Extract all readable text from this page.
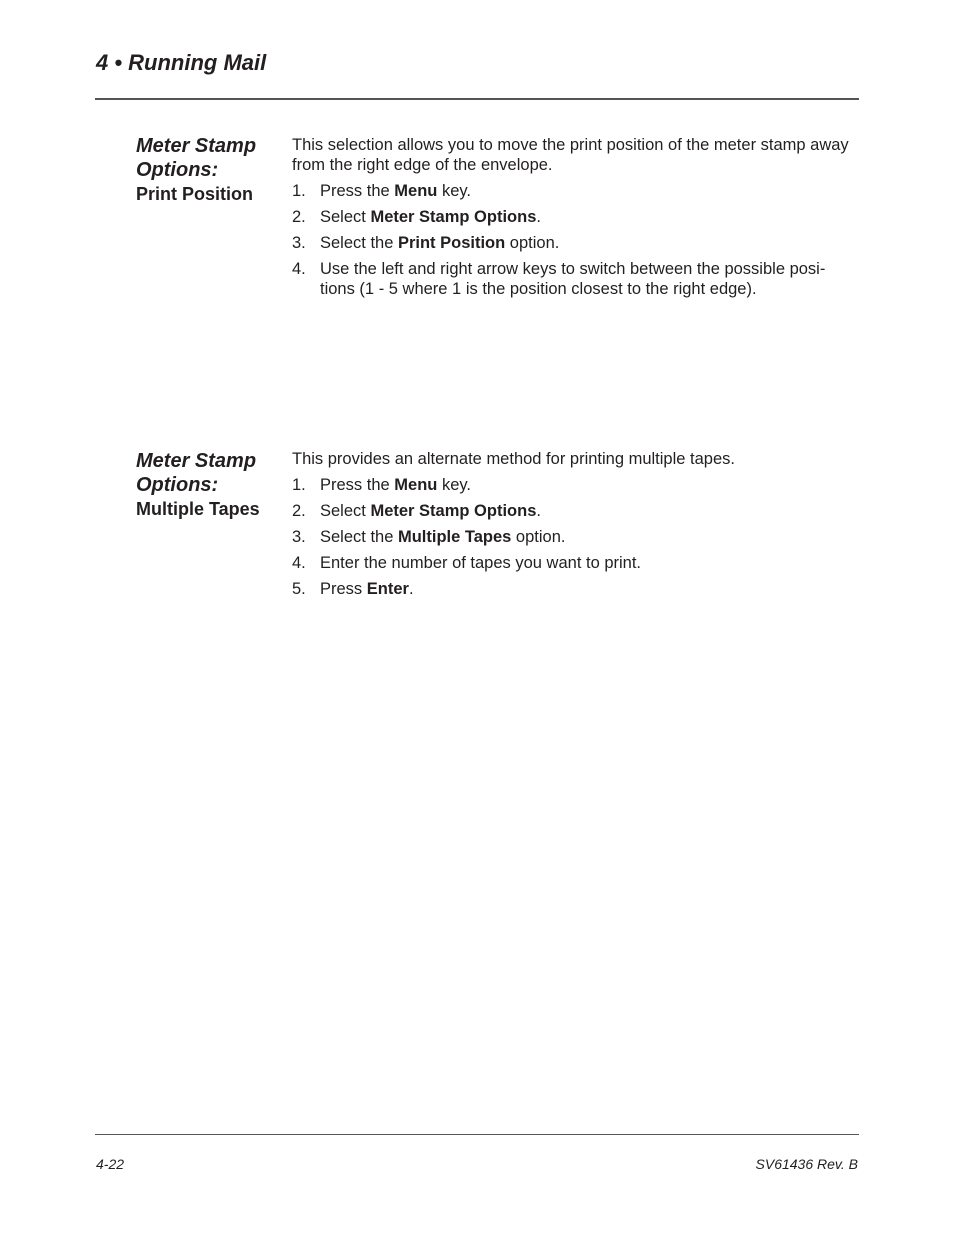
4 • Running Mail
Meter Stamp
Options:
Print Position

This selection allows you to move the print position of the meter stamp away from the right edge of the envelope.

1. Press the Menu key.
2. Select Meter Stamp Options.
3. Select the Print Position option.
4. Use the left and right arrow keys to switch between the possible posi-tions (1 - 5 where 1 is the position closest to the right edge).
Meter Stamp
Options:
Multiple Tapes

This provides an alternate method for printing multiple tapes.

1. Press the Menu key.
2. Select Meter Stamp Options.
3. Select the Multiple Tapes option.
4. Enter the number of tapes you want to print.
5. Press Enter.
4-22	SV61436 Rev. B
